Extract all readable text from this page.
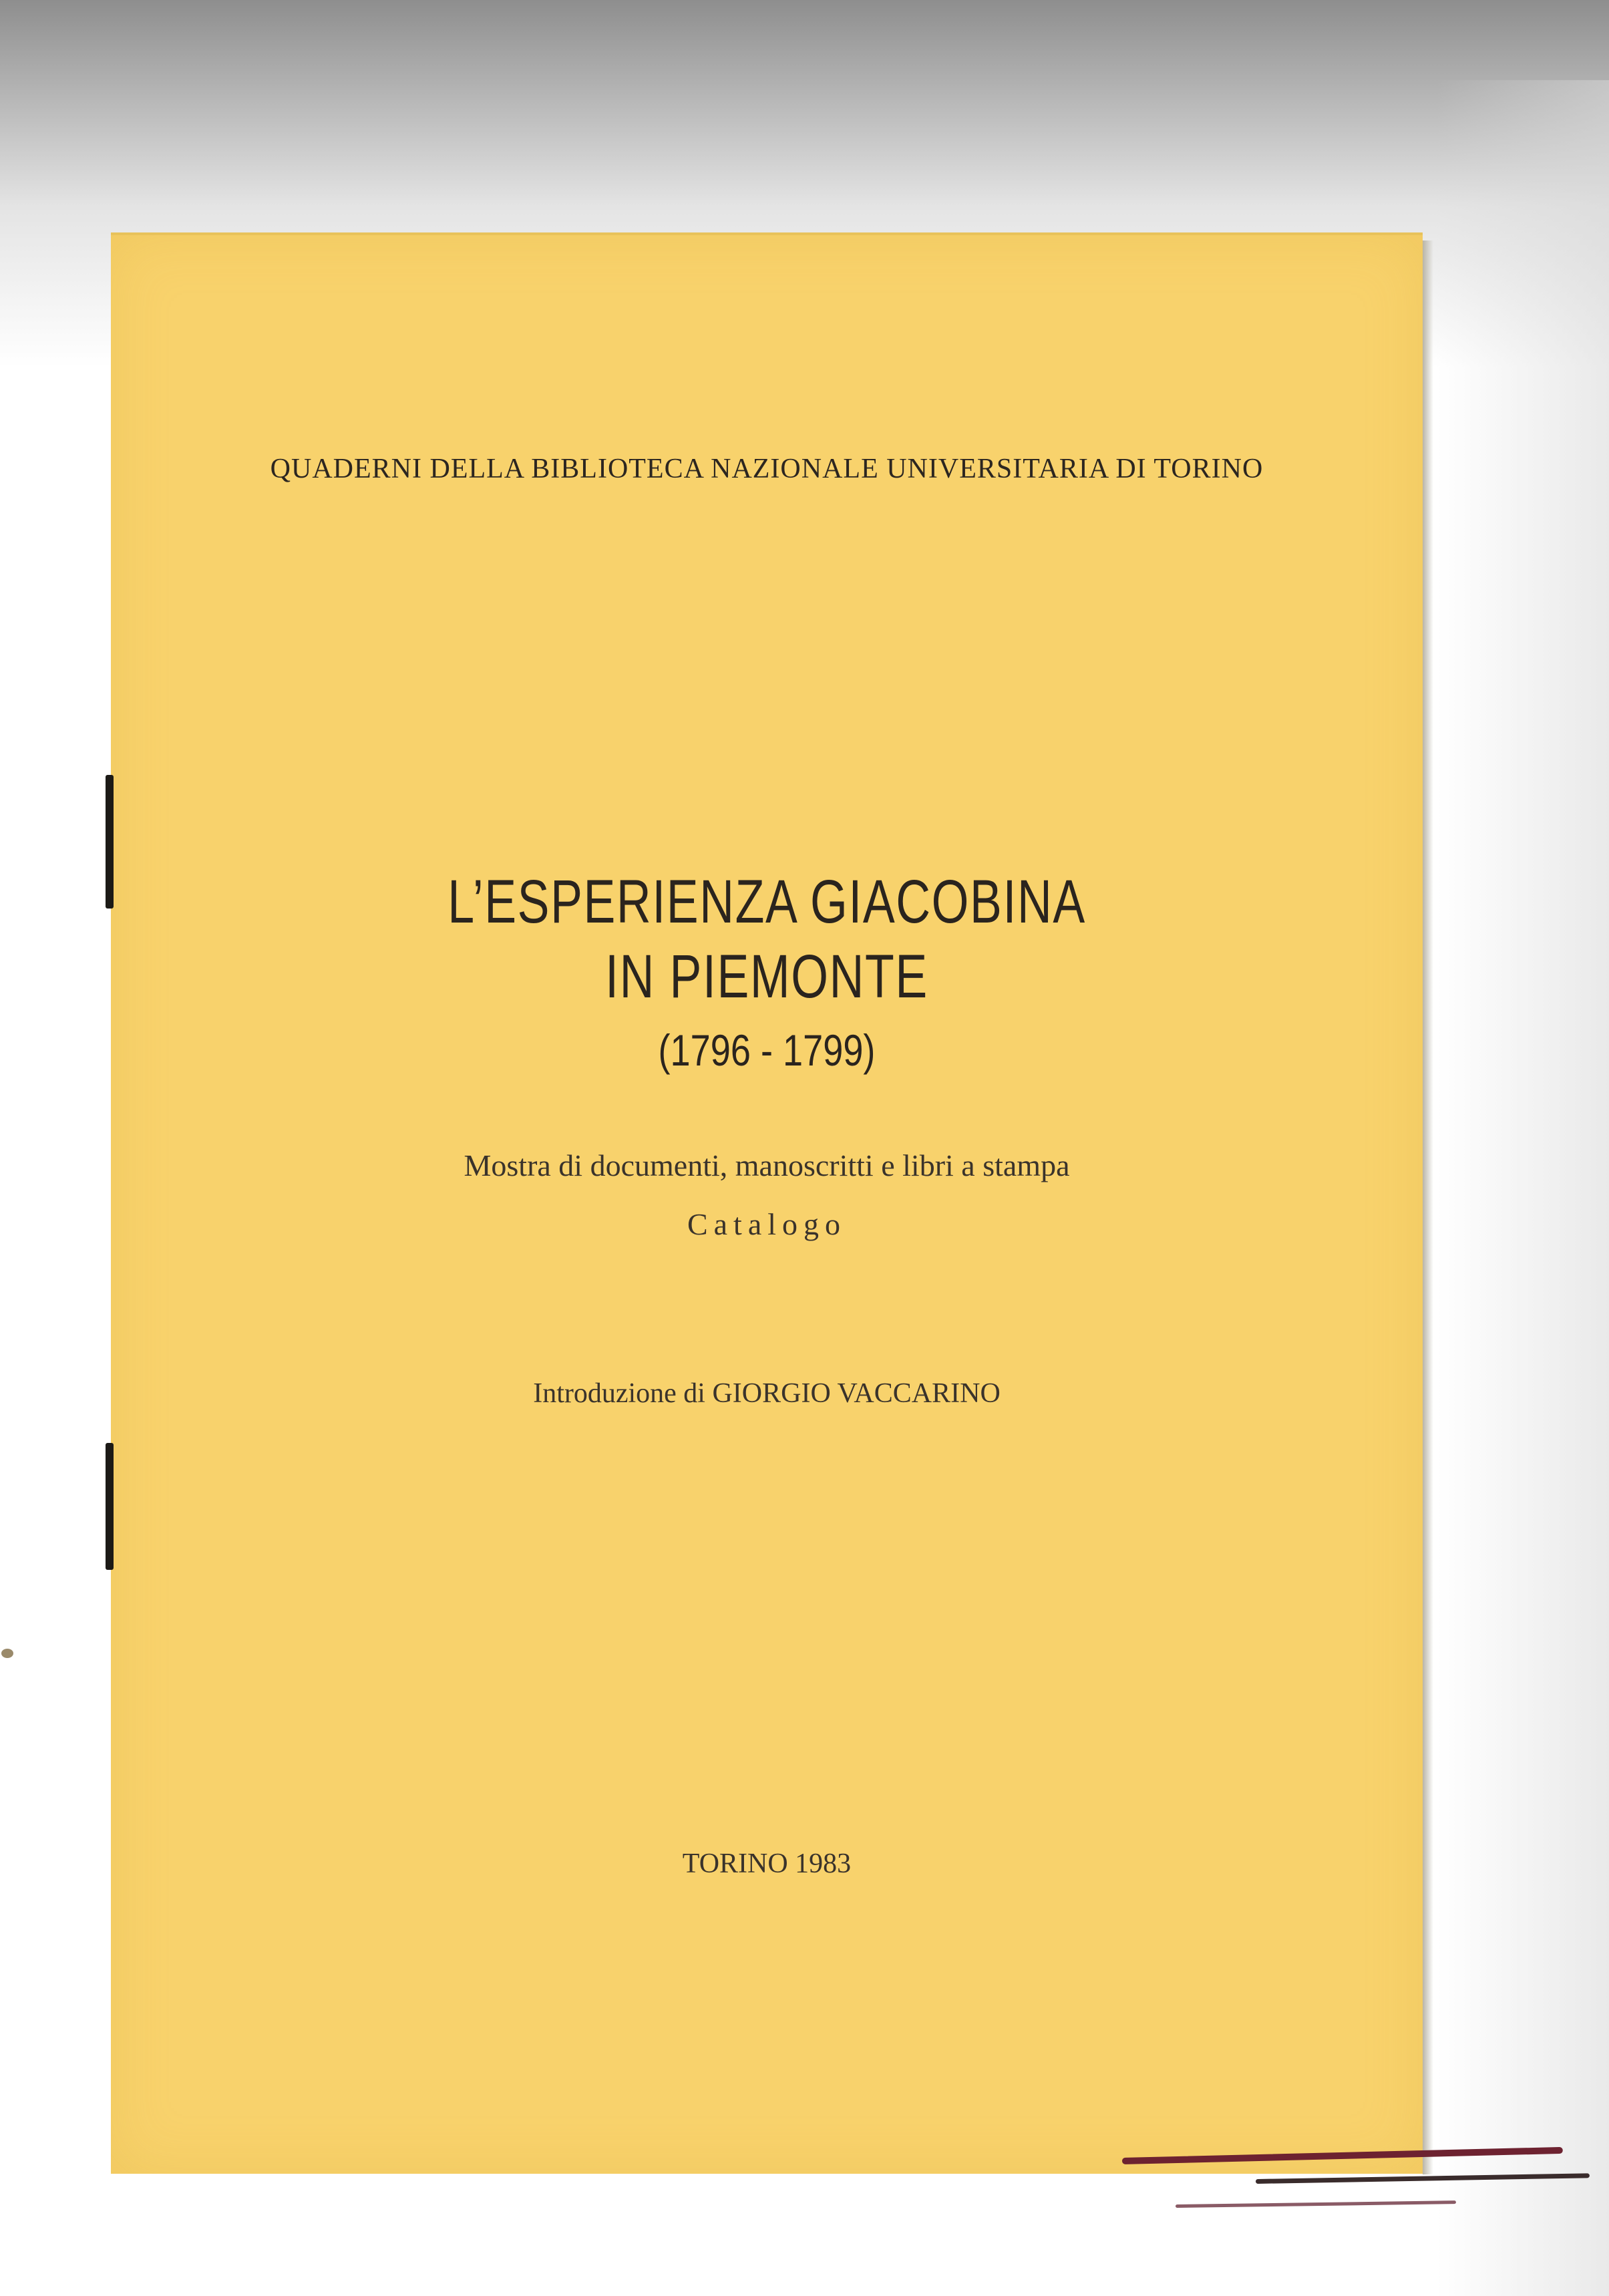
QUADERNI DELLA BIBLIOTECA NAZIONALE UNIVERSITARIA DI TORINO

L’ESPERIENZA GIACOBINA

IN PIEMONTE

(1796 - 1799)

Mostra di documenti, manoscritti e libri a stampa

Catalogo

Introduzione di GIORGIO VACCARINO

TORINO 1983
